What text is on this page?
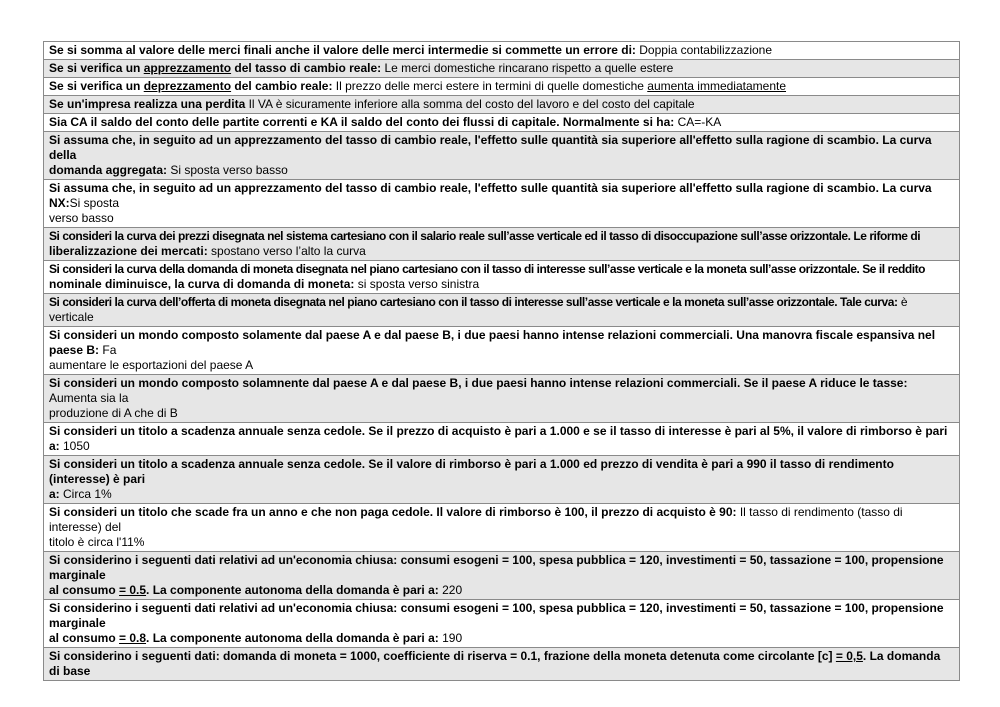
Se si somma al valore delle merci finali anche il valore delle merci intermedie si commette un errore di: Doppia contabilizzazione
Se si verifica un apprezzamento del tasso di cambio reale: Le merci domestiche rincarano rispetto a quelle estere
Se si verifica un deprezzamento del cambio reale: Il prezzo delle merci estere in termini di quelle domestiche aumenta immediatamente
Se un'impresa realizza una perdita Il VA è sicuramente inferiore alla somma del costo del lavoro e del costo del capitale
Sia CA il saldo del conto delle partite correnti e KA il saldo del conto dei flussi di capitale. Normalmente si ha: CA=-KA
Si assuma che, in seguito ad un apprezzamento del tasso di cambio reale, l'effetto sulle quantità sia superiore all'effetto sulla ragione di scambio. La curva della
domanda aggregata: Si sposta verso basso
Si assuma che, in seguito ad un apprezzamento del tasso di cambio reale, l'effetto sulle quantità sia superiore all'effetto sulla ragione di scambio. La curva NX:Si sposta
verso basso
Si consideri la curva dei prezzi disegnata nel sistema cartesiano con il salario reale sull’asse verticale ed il tasso di disoccupazione sull’asse orizzontale. Le riforme di
liberalizzazione dei mercati: spostano verso l’alto la curva
Si consideri la curva della domanda di moneta disegnata nel piano cartesiano con il tasso di interesse sull’asse verticale e la moneta sull’asse orizzontale. Se il reddito
nominale diminuisce, la curva di domanda di moneta: si sposta verso sinistra
Si consideri la curva dell’offerta di moneta disegnata nel piano cartesiano con il tasso di interesse sull’asse verticale e la moneta sull’asse orizzontale. Tale curva: è verticale
Si consideri un mondo composto solamente dal paese A e dal paese B, i due paesi hanno intense relazioni commerciali. Una manovra fiscale espansiva nel paese B: Fa
aumentare le esportazioni del paese A
Si consideri un mondo composto solamnente dal paese A e dal paese B, i due paesi hanno intense relazioni commerciali. Se il paese A riduce le tasse: Aumenta sia la
produzione di A che di B
Si consideri un titolo a scadenza annuale senza cedole. Se il prezzo di acquisto è pari a 1.000 e se il tasso di interesse è pari al 5%, il valore di rimborso è pari a: 1050
Si consideri un titolo a scadenza annuale senza cedole. Se il valore di rimborso è pari a 1.000 ed prezzo di vendita è pari a 990 il tasso di rendimento (interesse) è pari
a: Circa 1%
Si consideri un titolo che scade fra un anno e che non paga cedole. Il valore di rimborso è 100, il prezzo di acquisto è 90: Il tasso di rendimento (tasso di interesse) del
titolo è circa l'11%
Si considerino i seguenti dati relativi ad un'economia chiusa: consumi esogeni = 100, spesa pubblica = 120, investimenti = 50, tassazione = 100, propensione marginale
al consumo = 0.5. La componente autonoma della domanda è pari a: 220
Si considerino i seguenti dati relativi ad un'economia chiusa: consumi esogeni = 100, spesa pubblica = 120, investimenti = 50, tassazione = 100, propensione marginale
al consumo = 0.8. La componente autonoma della domanda è pari a: 190
Si considerino i seguenti dati: domanda di moneta = 1000, coefficiente di riserva = 0.1, frazione della moneta detenuta come circolante [c] = 0,5. La domanda di base
